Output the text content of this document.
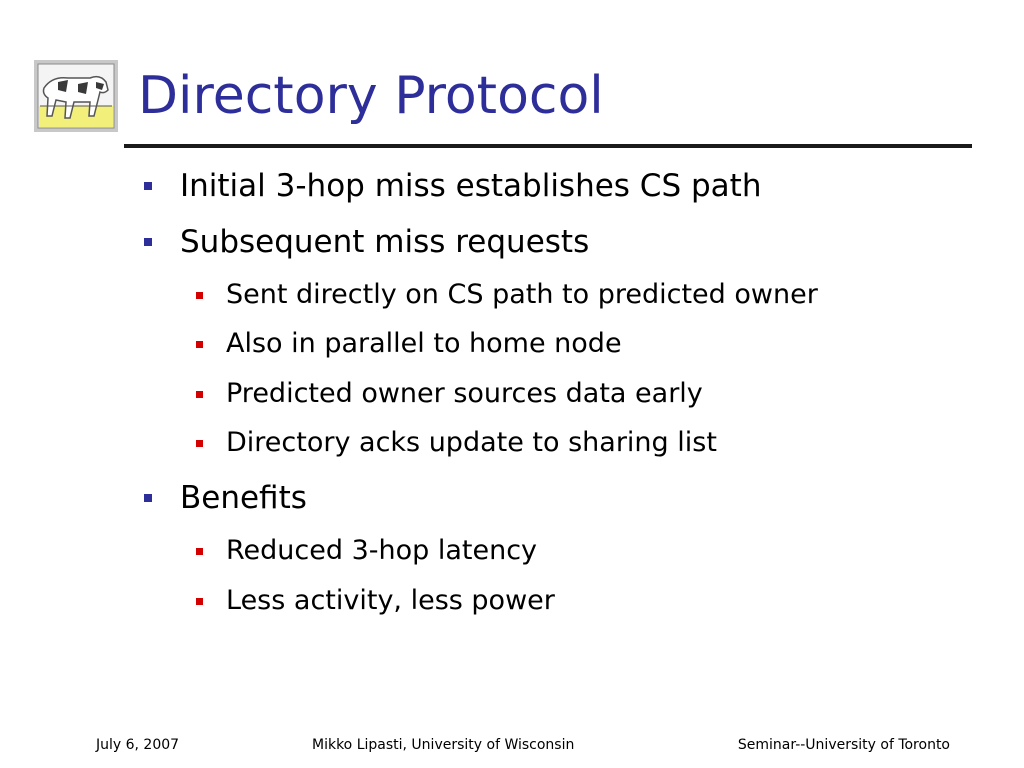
Directory Protocol
Initial 3-hop miss establishes CS path
Subsequent miss requests
Sent directly on CS path to predicted owner
Also in parallel to home node
Predicted owner sources data early
Directory acks update to sharing list
Benefits
Reduced 3-hop latency
Less activity, less power
July 6, 2007	Mikko Lipasti, University of Wisconsin	Seminar--University of Toronto
